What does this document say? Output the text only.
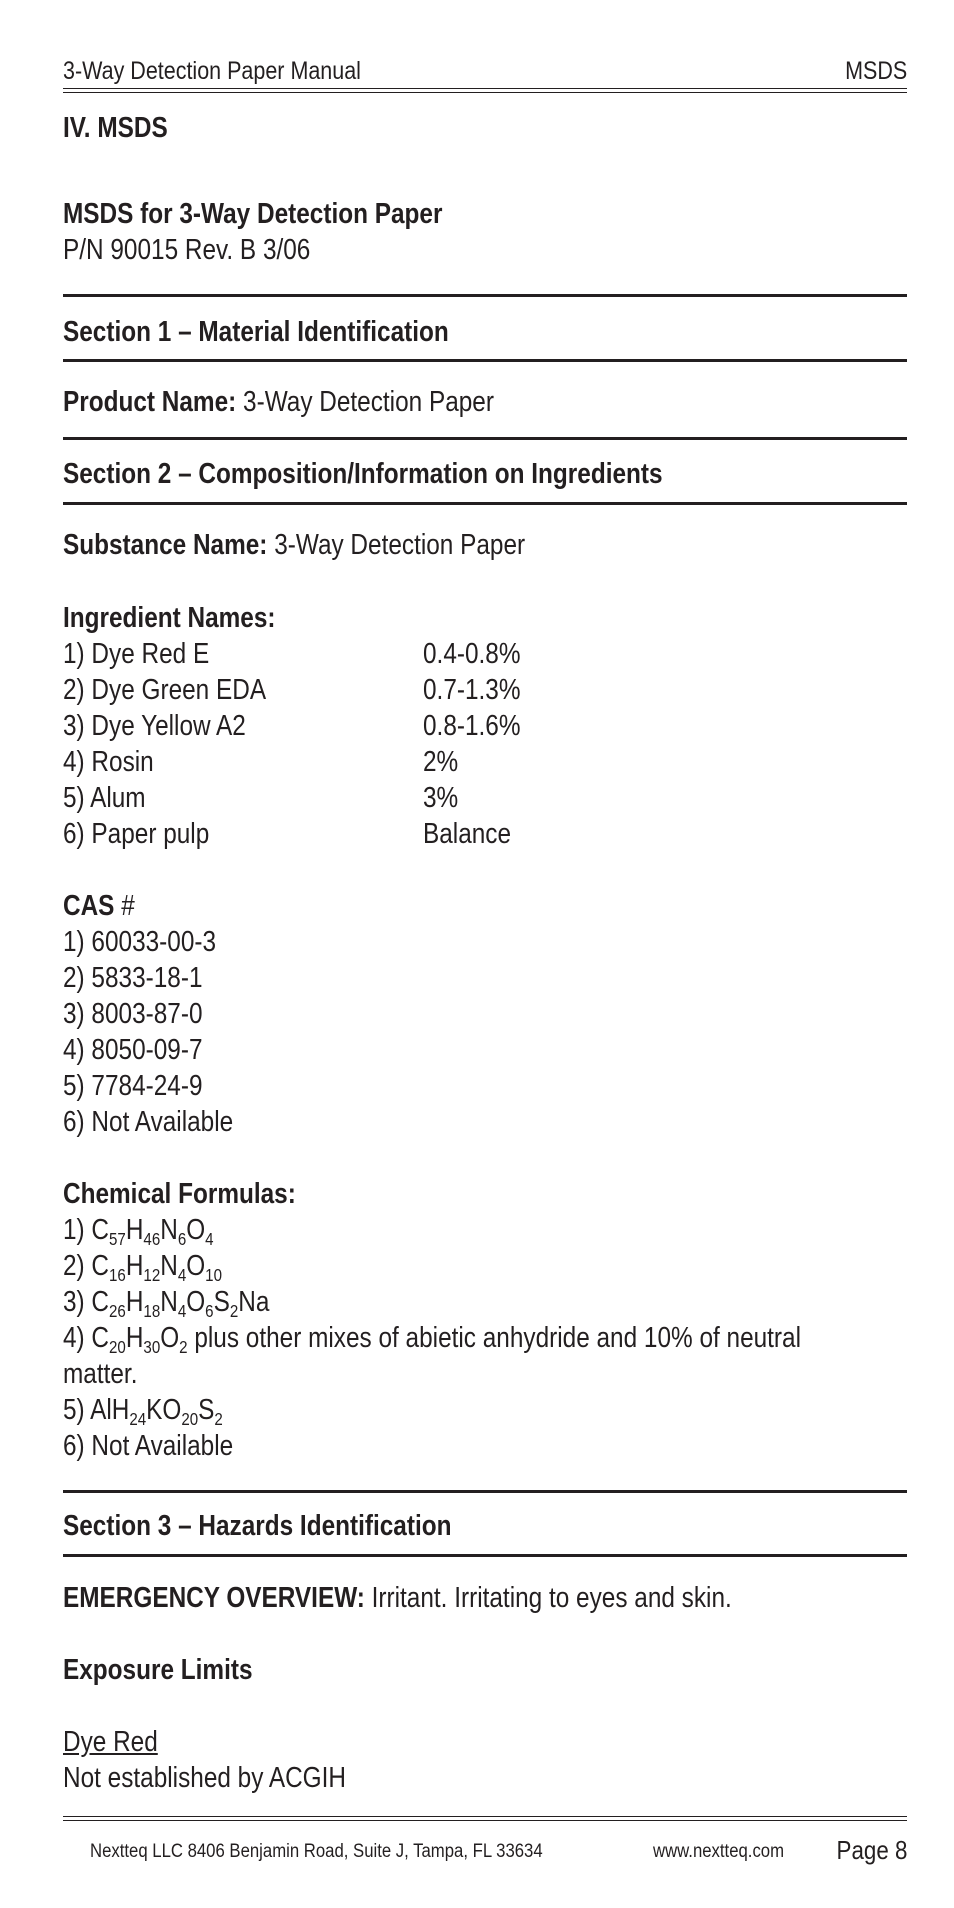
3-Way Detection Paper Manual	MSDS
IV. MSDS
MSDS for 3-Way Detection Paper
P/N 90015 Rev. B 3/06
Section 1 – Material Identification
Product Name: 3-Way Detection Paper
Section 2 – Composition/Information on Ingredients
Substance Name: 3-Way Detection Paper
Ingredient Names:
1) Dye Red E	0.4-0.8%
2) Dye Green EDA	0.7-1.3%
3) Dye Yellow A2	0.8-1.6%
4) Rosin	2%
5) Alum	3%
6) Paper pulp	Balance
CAS #
1) 60033-00-3
2) 5833-18-1
3) 8003-87-0
4) 8050-09-7
5) 7784-24-9
6) Not Available
Chemical Formulas:
1) $C_{57}H_{46}N_6O_4$
2) $C_{16}H_{12}N_4O_{10}$
3) $C_{26}H_{18}N_4O_6S_2Na$
4) $C_{20}H_{30}O_2$ plus other mixes of abietic anhydride and 10% of neutral
matter.
5) $AlH_{24}KO_{20}S_2$
6) Not Available
Section 3 – Hazards Identification
EMERGENCY OVERVIEW: Irritant. Irritating to eyes and skin.
Exposure Limits
Dye Red
Not established by ACGIH
Nextteq LLC 8406 Benjamin Road, Suite J, Tampa, FL 33634	www.nextteq.com Page 8
